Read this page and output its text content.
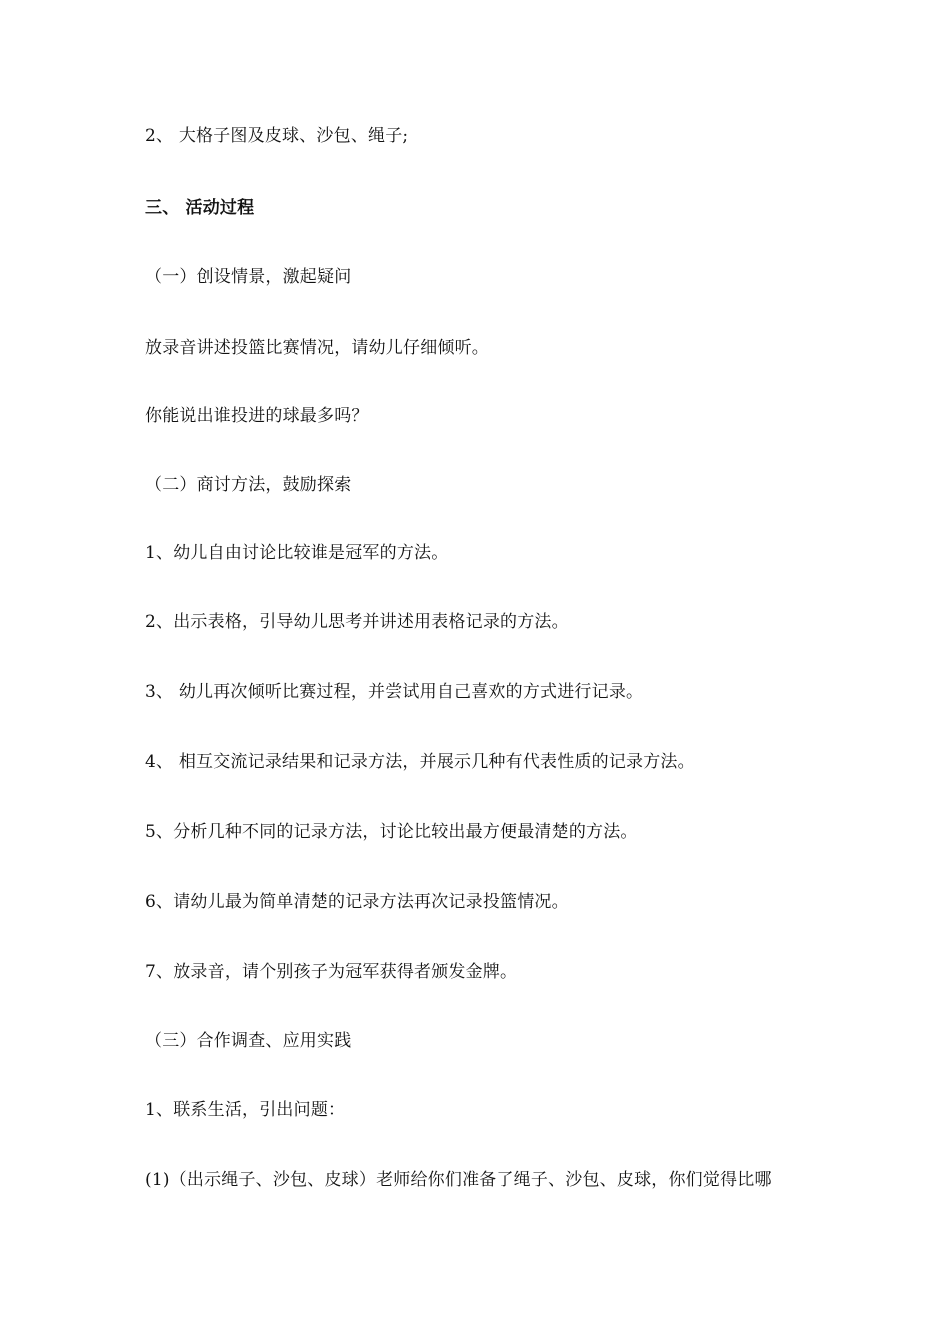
2、 大格子图及皮球、沙包、绳子;
三、 活动过程
（一）创设情景，激起疑问
放录音讲述投篮比赛情况，请幼儿仔细倾听。
你能说出谁投进的球最多吗？
（二）商讨方法，鼓励探索
1、幼儿自由讨论比较谁是冠军的方法。
2、出示表格，引导幼儿思考并讲述用表格记录的方法。
3、 幼儿再次倾听比赛过程，并尝试用自己喜欢的方式进行记录。
4、 相互交流记录结果和记录方法，并展示几种有代表性质的记录方法。
5、分析几种不同的记录方法，讨论比较出最方便最清楚的方法。
6、请幼儿最为简单清楚的记录方法再次记录投篮情况。
7、放录音，请个别孩子为冠军获得者颁发金牌。
（三）合作调查、应用实践
1、联系生活，引出问题：
(1)（出示绳子、沙包、皮球）老师给你们准备了绳子、沙包、皮球，你们觉得比哪
